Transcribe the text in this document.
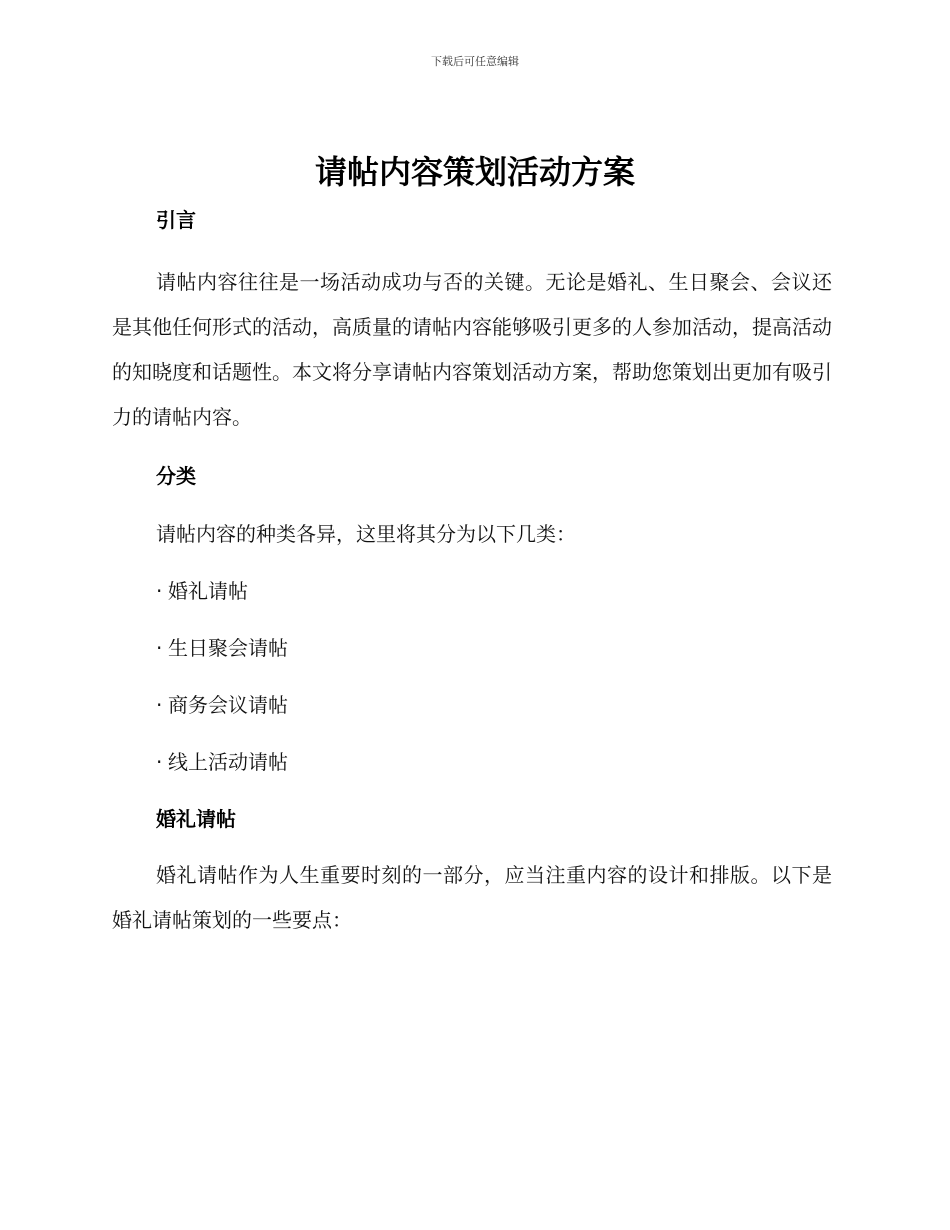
下载后可任意编辑
请帖内容策划活动方案
引言

请帖内容往往是一场活动成功与否的关键。无论是婚礼、生日聚会、会议还是其他任何形式的活动，高质量的请帖内容能够吸引更多的人参加活动，提高活动的知晓度和话题性。本文将分享请帖内容策划活动方案，帮助您策划出更加有吸引力的请帖内容。

分类

请帖内容的种类各异，这里将其分为以下几类：

· 婚礼请帖
· 生日聚会请帖
· 商务会议请帖
· 线上活动请帖
婚礼请帖

婚礼请帖作为人生重要时刻的一部分，应当注重内容的设计和排版。以下是婚礼请帖策划的一些要点：
